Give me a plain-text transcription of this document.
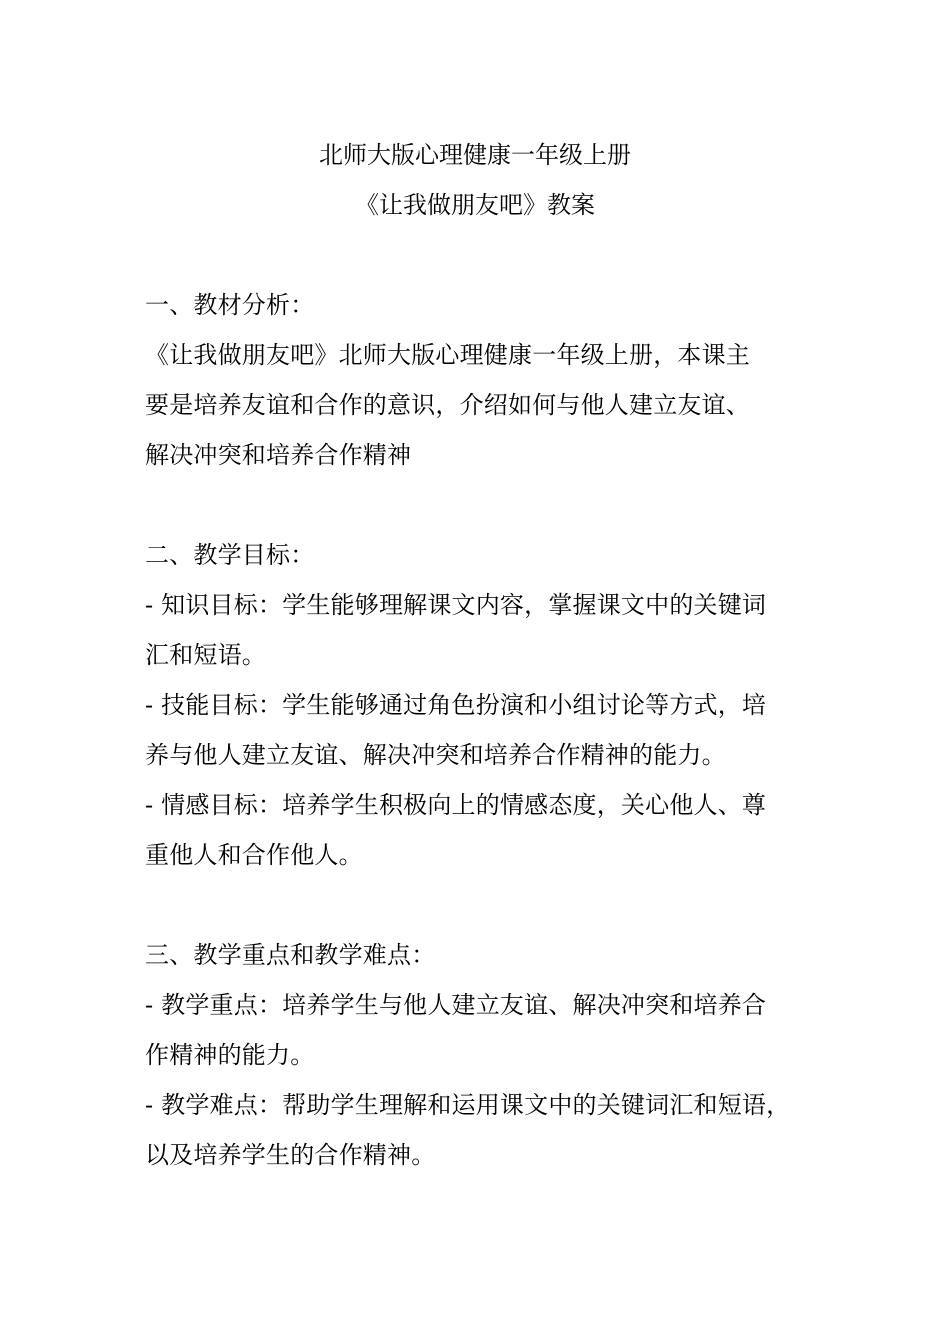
北师大版心理健康一年级上册
《让我做朋友吧》教案
一、教材分析：
《让我做朋友吧》北师大版心理健康一年级上册，本课主
要是培养友谊和合作的意识，介绍如何与他人建立友谊、
解决冲突和培养合作精神
二、教学目标：
- 知识目标：学生能够理解课文内容，掌握课文中的关键词
汇和短语。
- 技能目标：学生能够通过角色扮演和小组讨论等方式，培
养与他人建立友谊、解决冲突和培养合作精神的能力。
- 情感目标：培养学生积极向上的情感态度，关心他人、尊
重他人和合作他人。
三、教学重点和教学难点：
- 教学重点：培养学生与他人建立友谊、解决冲突和培养合
作精神的能力。
- 教学难点：帮助学生理解和运用课文中的关键词汇和短语，
以及培养学生的合作精神。
